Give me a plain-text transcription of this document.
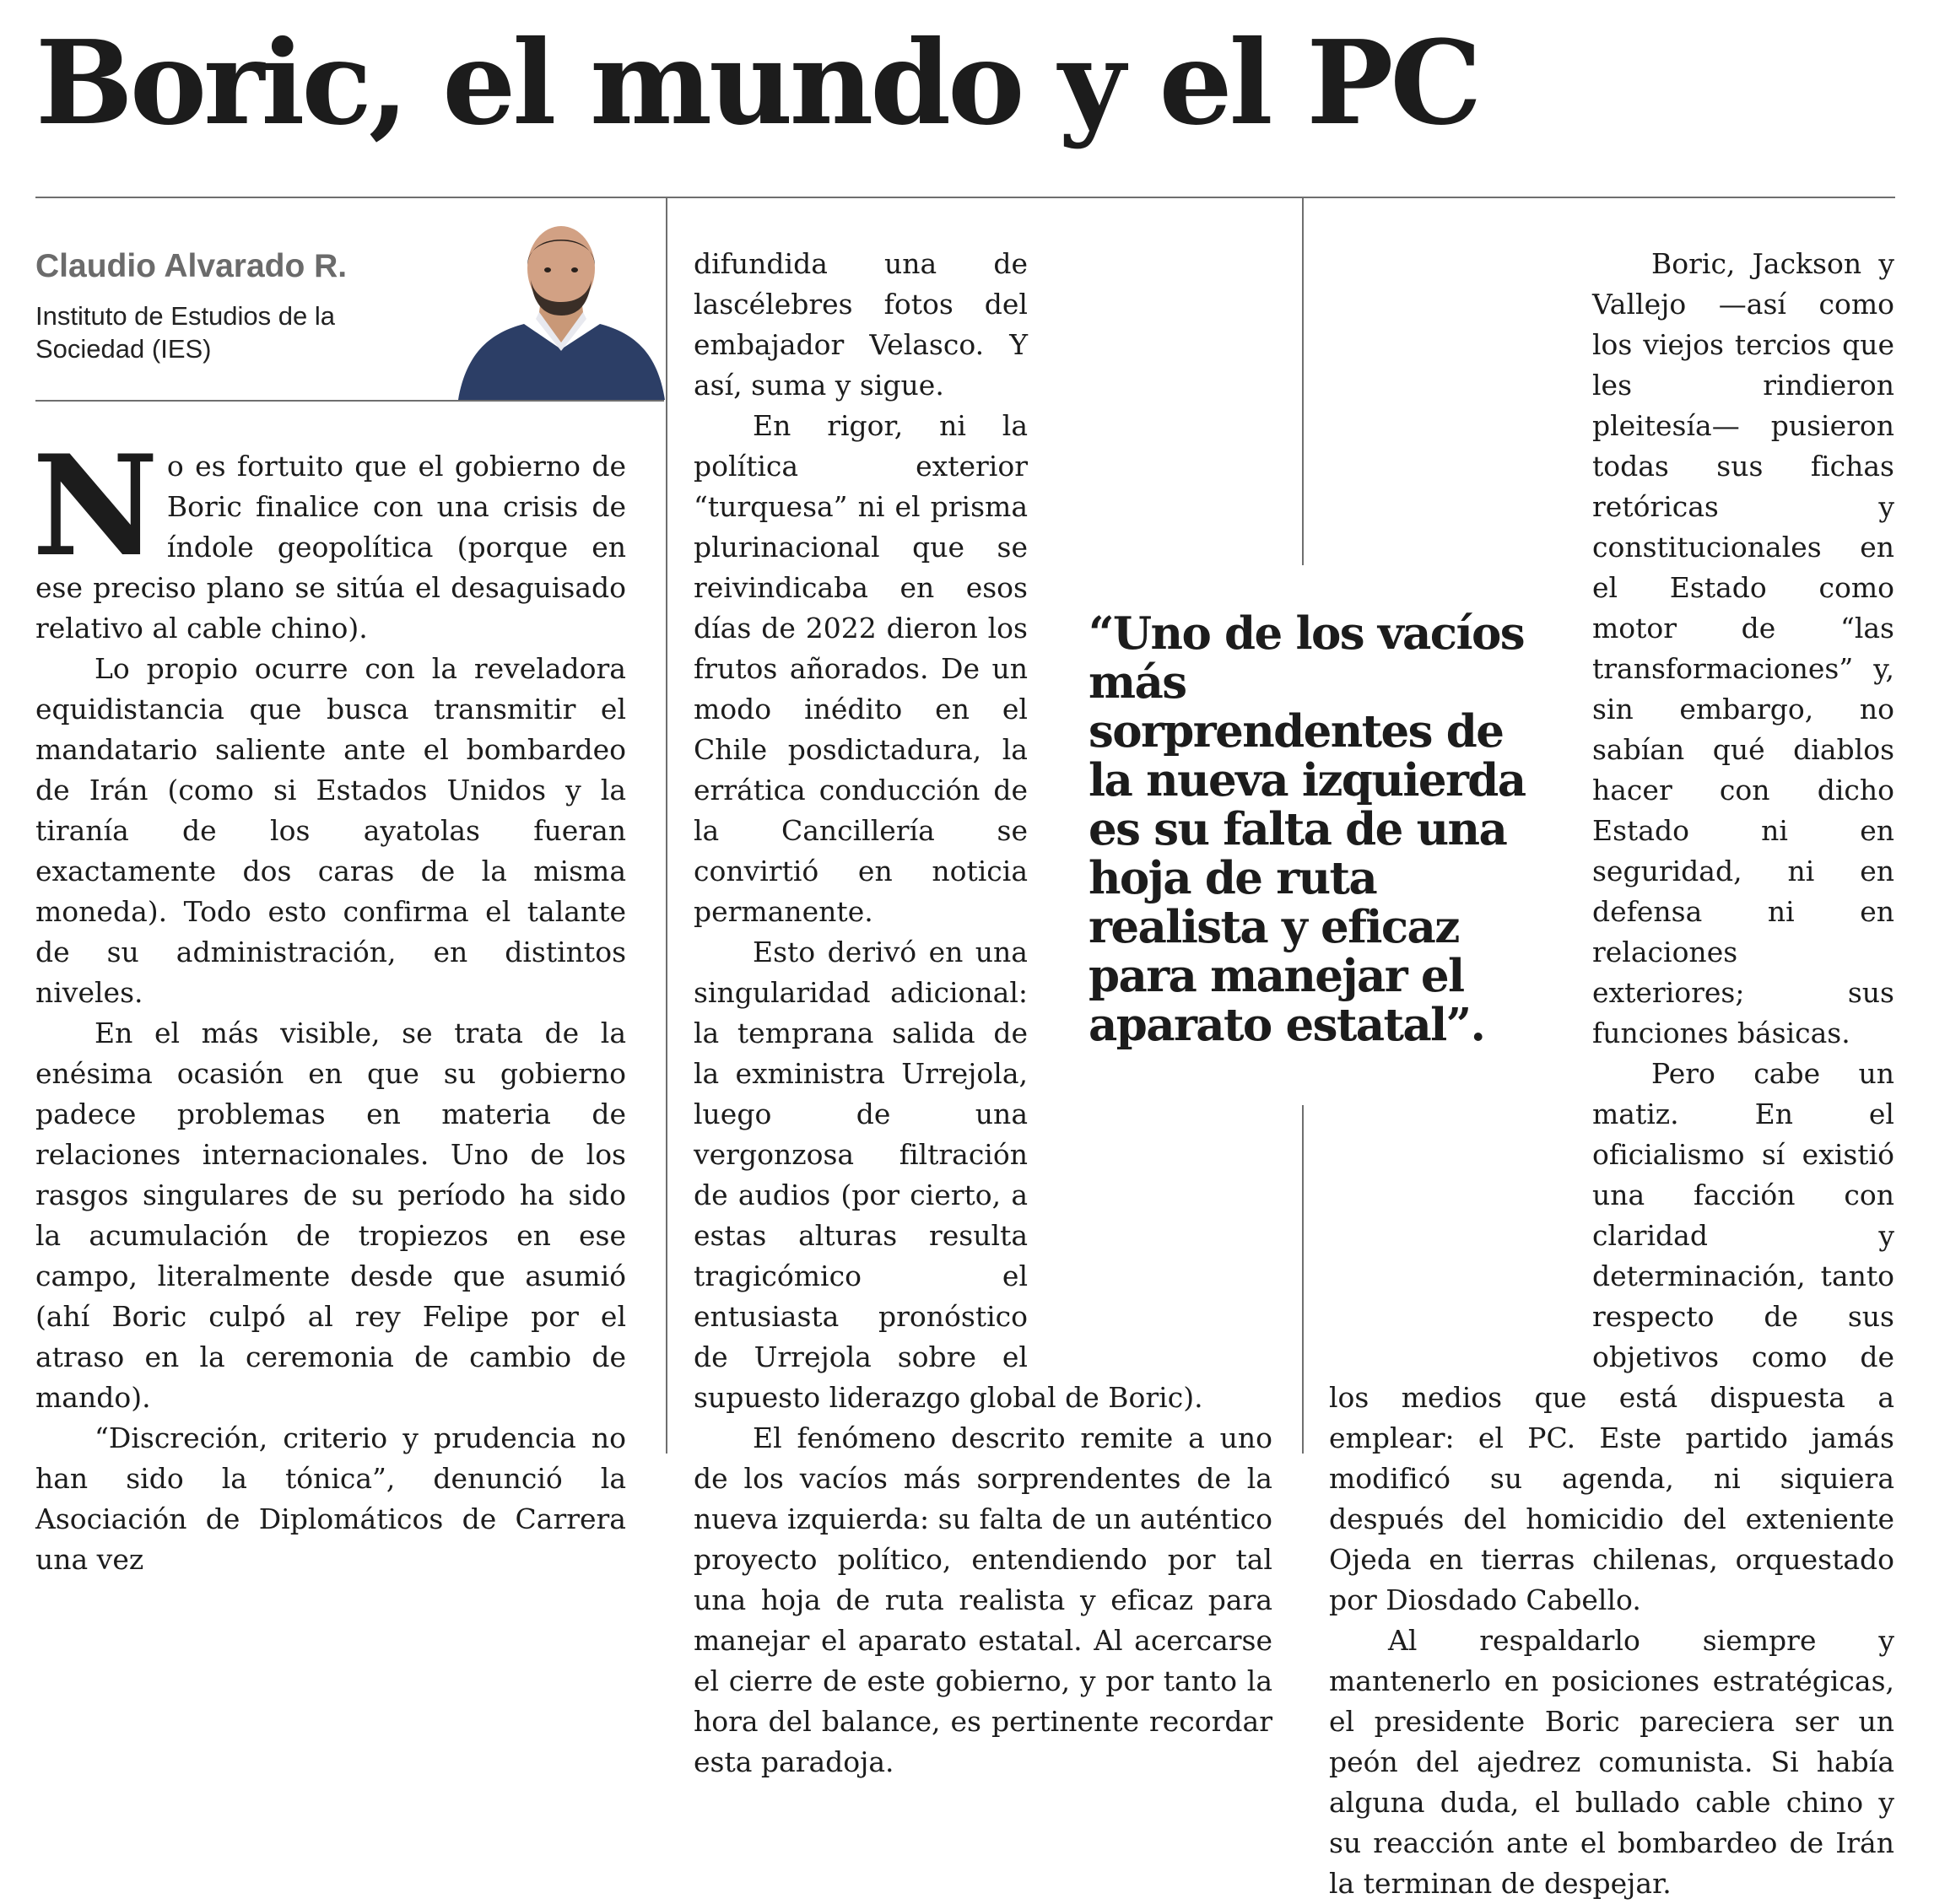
Boric, el mundo y el PC

Claudio Alvarado R.

Instituto de Estudios de la Sociedad (IES)

N o es fortuito que el gobierno de Boric finalice con una crisis de índole geopolítica (porque en ese preciso plano se sitúa el desaguisado relativo al cable chino).

Lo propio ocurre con la reveladora equidistancia que busca transmitir el mandatario saliente ante el bombardeo de Irán (como si Estados Unidos y la tiranía de los ayatolas fueran exactamente dos caras de la misma moneda). Todo esto confirma el talante de su administración, en distintos niveles.

En el más visible, se trata de la enésima ocasión en que su gobierno padece problemas en materia de relaciones internacionales. Uno de los rasgos singulares de su período ha sido la acumulación de tropiezos en ese campo, literalmente desde que asumió (ahí Boric culpó al rey Felipe por el atraso en la ceremonia de cambio de mando).

“Discreción, criterio y prudencia no han sido la tónica”, denunció la Asociación de Diplomáticos de Carrera una vez

difundida una de lascélebres fotos del embajador Velasco. Y así, suma y sigue.

En rigor, ni la política exterior “turquesa” ni el prisma plurinacional que se reivindicaba en esos días de 2022 dieron los frutos añorados. De un modo inédito en el Chile posdictadura, la errática conducción de la Cancillería se convirtió en noticia permanente.

Esto derivó en una singularidad adicional: la temprana salida de la exministra Urrejola, luego de una vergonzosa filtración de audios (por cierto, a estas alturas resulta tragicómico el entusiasta pronóstico de Urrejola sobre el supuesto liderazgo global de Boric).

El fenómeno descrito remite a uno de los vacíos más sorprendentes de la nueva izquierda: su falta de un auténtico proyecto político, entendiendo por tal una hoja de ruta realista y eficaz para manejar el aparato estatal. Al acercarse el cierre de este gobierno, y por tanto la hora del balance, es pertinente recordar esta paradoja.

Boric, Jackson y Vallejo —así como los viejos tercios que les rindieron pleitesía— pusieron todas sus fichas retóricas y constitucionales en el Estado como motor de “las transformaciones” y, sin embargo, no sabían qué diablos hacer con dicho Estado ni en seguridad, ni en defensa ni en relaciones exteriores; sus funciones básicas.

Pero cabe un matiz. En el oficialismo sí existió una facción con claridad y determinación, tanto respecto de sus objetivos como de los medios que está dispuesta a emplear: el PC. Este partido jamás modificó su agenda, ni siquiera después del homicidio del exteniente Ojeda en tierras chilenas, orquestado por Diosdado Cabello.

Al respaldarlo siempre y mantenerlo en posiciones estratégicas, el presidente Boric pareciera ser un peón del ajedrez comunista. Si había alguna duda, el bullado cable chino y su reacción ante el bombardeo de Irán la terminan de despejar.

“Uno de los vacíos más sorprendentes de la nueva izquierda es su falta de una hoja de ruta realista y eficaz para manejar el aparato estatal”.
